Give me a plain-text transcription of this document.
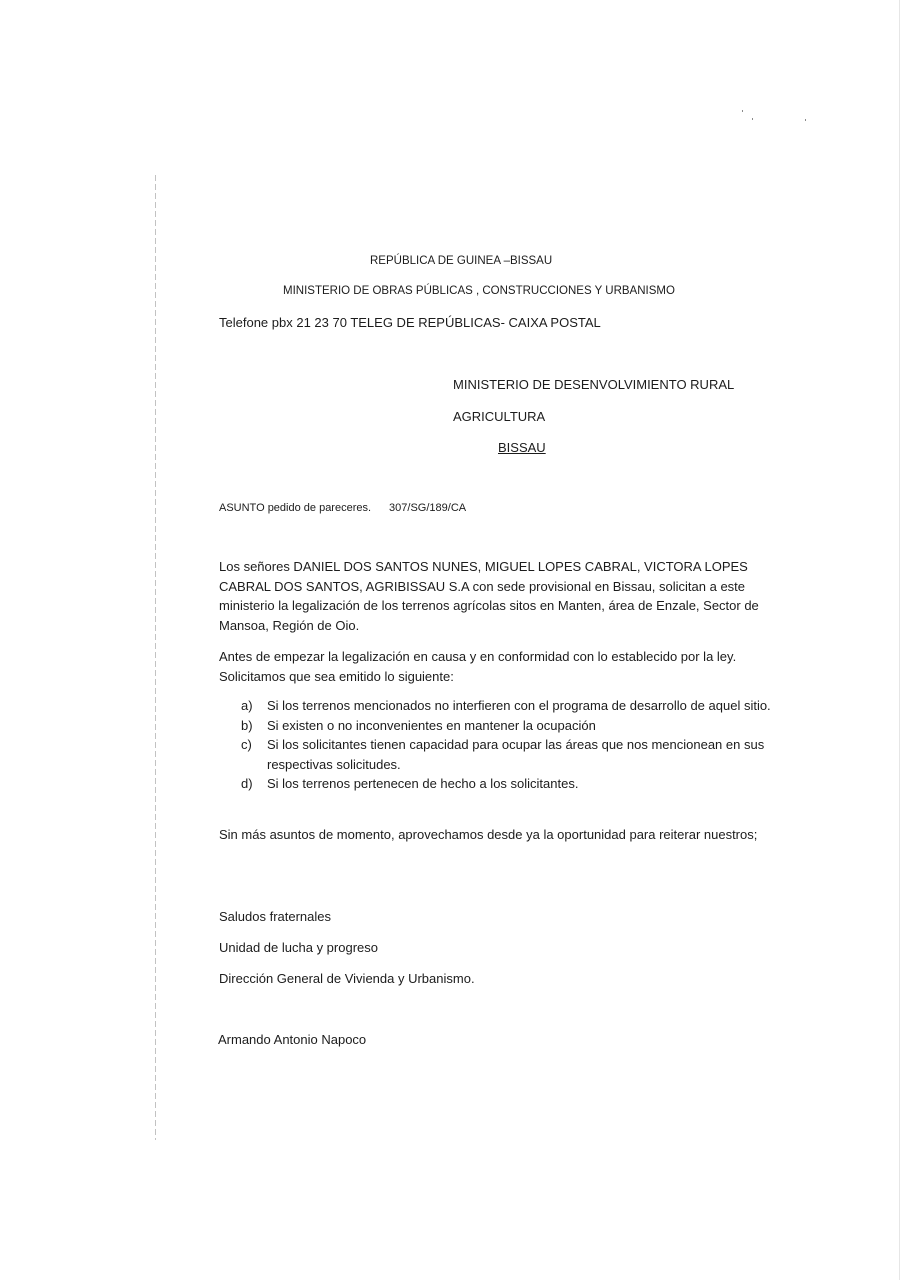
REPÚBLICA DE GUINEA –BISSAU
MINISTERIO DE OBRAS PÚBLICAS , CONSTRUCCIONES Y URBANISMO
Telefone pbx 21 23 70 TELEG DE REPÚBLICAS- CAIXA POSTAL
MINISTERIO DE DESENVOLVIMIENTO RURAL
AGRICULTURA
BISSAU
ASUNTO pedido de pareceres. 307/SG/189/CA
Los señores DANIEL DOS SANTOS NUNES, MIGUEL LOPES CABRAL, VICTORA LOPES CABRAL DOS SANTOS, AGRIBISSAU S.A con sede provisional en Bissau, solicitan a este ministerio la legalización de los terrenos agrícolas sitos en Manten, área de Enzale, Sector de Mansoa, Región de Oio.
Antes de empezar la legalización en causa y en conformidad con lo establecido por la ley. Solicitamos que sea emitido lo siguiente:
a) Si los terrenos mencionados no interfieren con el programa de desarrollo de aquel sitio.
b) Si existen o no inconvenientes en mantener la ocupación
c) Si los solicitantes tienen capacidad para ocupar las áreas que nos mencionean en sus respectivas solicitudes.
d) Si los terrenos pertenecen de hecho a los solicitantes.
Sin más asuntos de momento, aprovechamos desde ya la oportunidad para reiterar nuestros;
Saludos fraternales
Unidad de lucha y progreso
Dirección General de Vivienda y Urbanismo.
Armando Antonio Napoco
